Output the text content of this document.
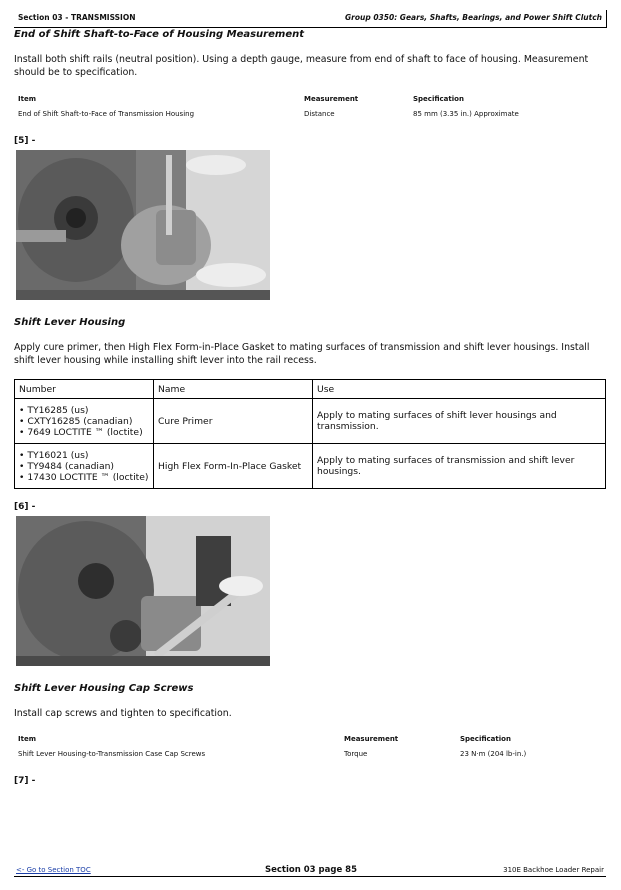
Section 03 - TRANSMISSION	Group 0350: Gears, Shafts, Bearings, and Power Shift Clutch
End of Shift Shaft-to-Face of Housing Measurement
Install both shift rails (neutral position). Using a depth gauge, measure from end of shaft to face of housing. Measurement should be to specification.
Item	Measurement	Specification
End of Shift Shaft-to-Face of Transmission Housing	Distance	85 mm (3.35 in.) Approximate
[5] -
Shift Lever Housing
Apply cure primer, then High Flex Form-in-Place Gasket to mating surfaces of transmission and shift lever housings. Install shift lever housing while installing shift lever into the rail recess.
Number	Name	Use

• TY16285 (us)
• CXTY16285 (canadian)
• 7649 LOCTITE ™ (loctite)	Cure Primer	Apply to mating surfaces of shift lever housings and transmission.

• TY16021 (us)
• TY9484 (canadian)
• 17430 LOCTITE ™ (loctite)	High Flex Form-In-Place Gasket	Apply to mating surfaces of transmission and shift lever housings.
[6] -
Shift Lever Housing Cap Screws
Install cap screws and tighten to specification.
Item	Measurement	Specification
Shift Lever Housing-to-Transmission Case Cap Screws	Torque	23 N·m (204 lb-in.)
[7] -
<- Go to Section TOC	Section 03 page 85	310E Backhoe Loader Repair
